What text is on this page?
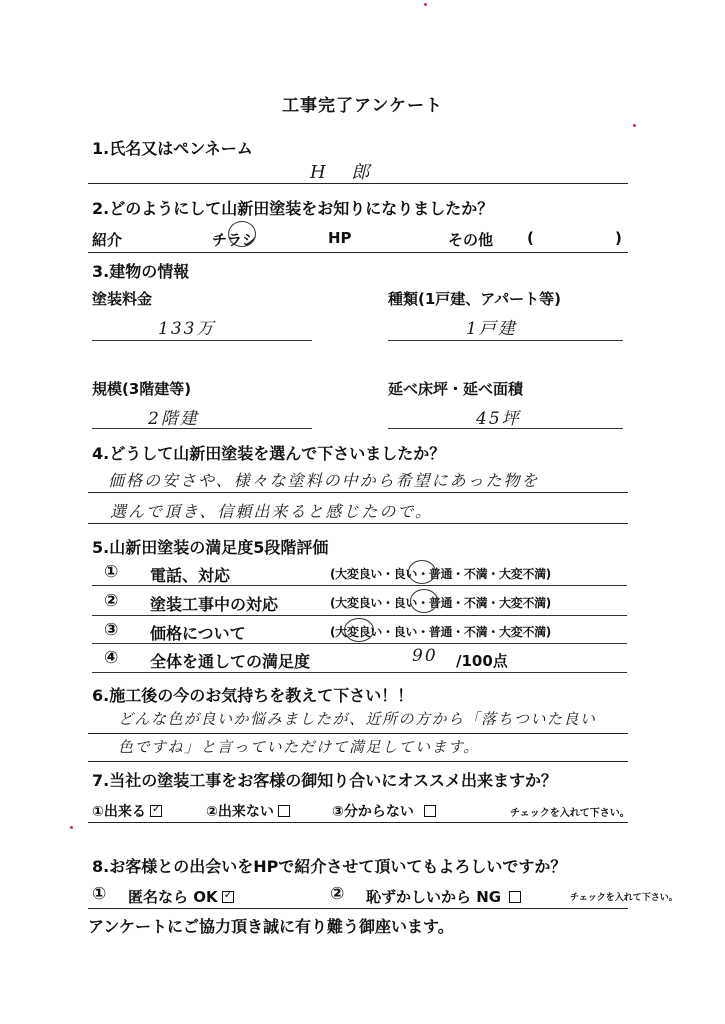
工事完了アンケート
1.氏名又はペンネーム
H 郎
2.どのようにして山新田塗装をお知りになりましたか？
紹介	チラシ	HP	その他 (	)
3.建物の情報
塗装料金
133万
種類(1戸建、アパート等)
1戸建
規模(3階建等)
2階建
延べ床坪・延べ面積
45坪
4.どうして山新田塗装を選んで下さいましたか？
価格の安さや、様々な塗料の中から希望にあった物を
選んで頂き、信頼出来ると感じたので。
5.山新田塗装の満足度5段階評価
① 電話、対応	(大変良い・良い・普通・不満・大変不満)
② 塗装工事中の対応	(大変良い・良い・普通・不満・大変不満)
③ 価格について	(大変良い・良い・普通・不満・大変不満)
④ 全体を通しての満足度	90 /100点
6.施工後の今のお気持ちを教えて下さい！！
どんな色が良いか悩みましたが、近所の方から「落ちついた良い
色ですね」と言っていただけて満足しています。
7.当社の塗装工事をお客様の御知り合いにオススメ出来ますか？
①出来る ✓	②出来ない	③分からない	チェックを入れて下さい。
8.お客様との出会いをHPで紹介させて頂いてもよろしいですか？
① 匿名なら OK ✓	② 恥ずかしいから NG	チェックを入れて下さい。
アンケートにご協力頂き誠に有り難う御座います。
